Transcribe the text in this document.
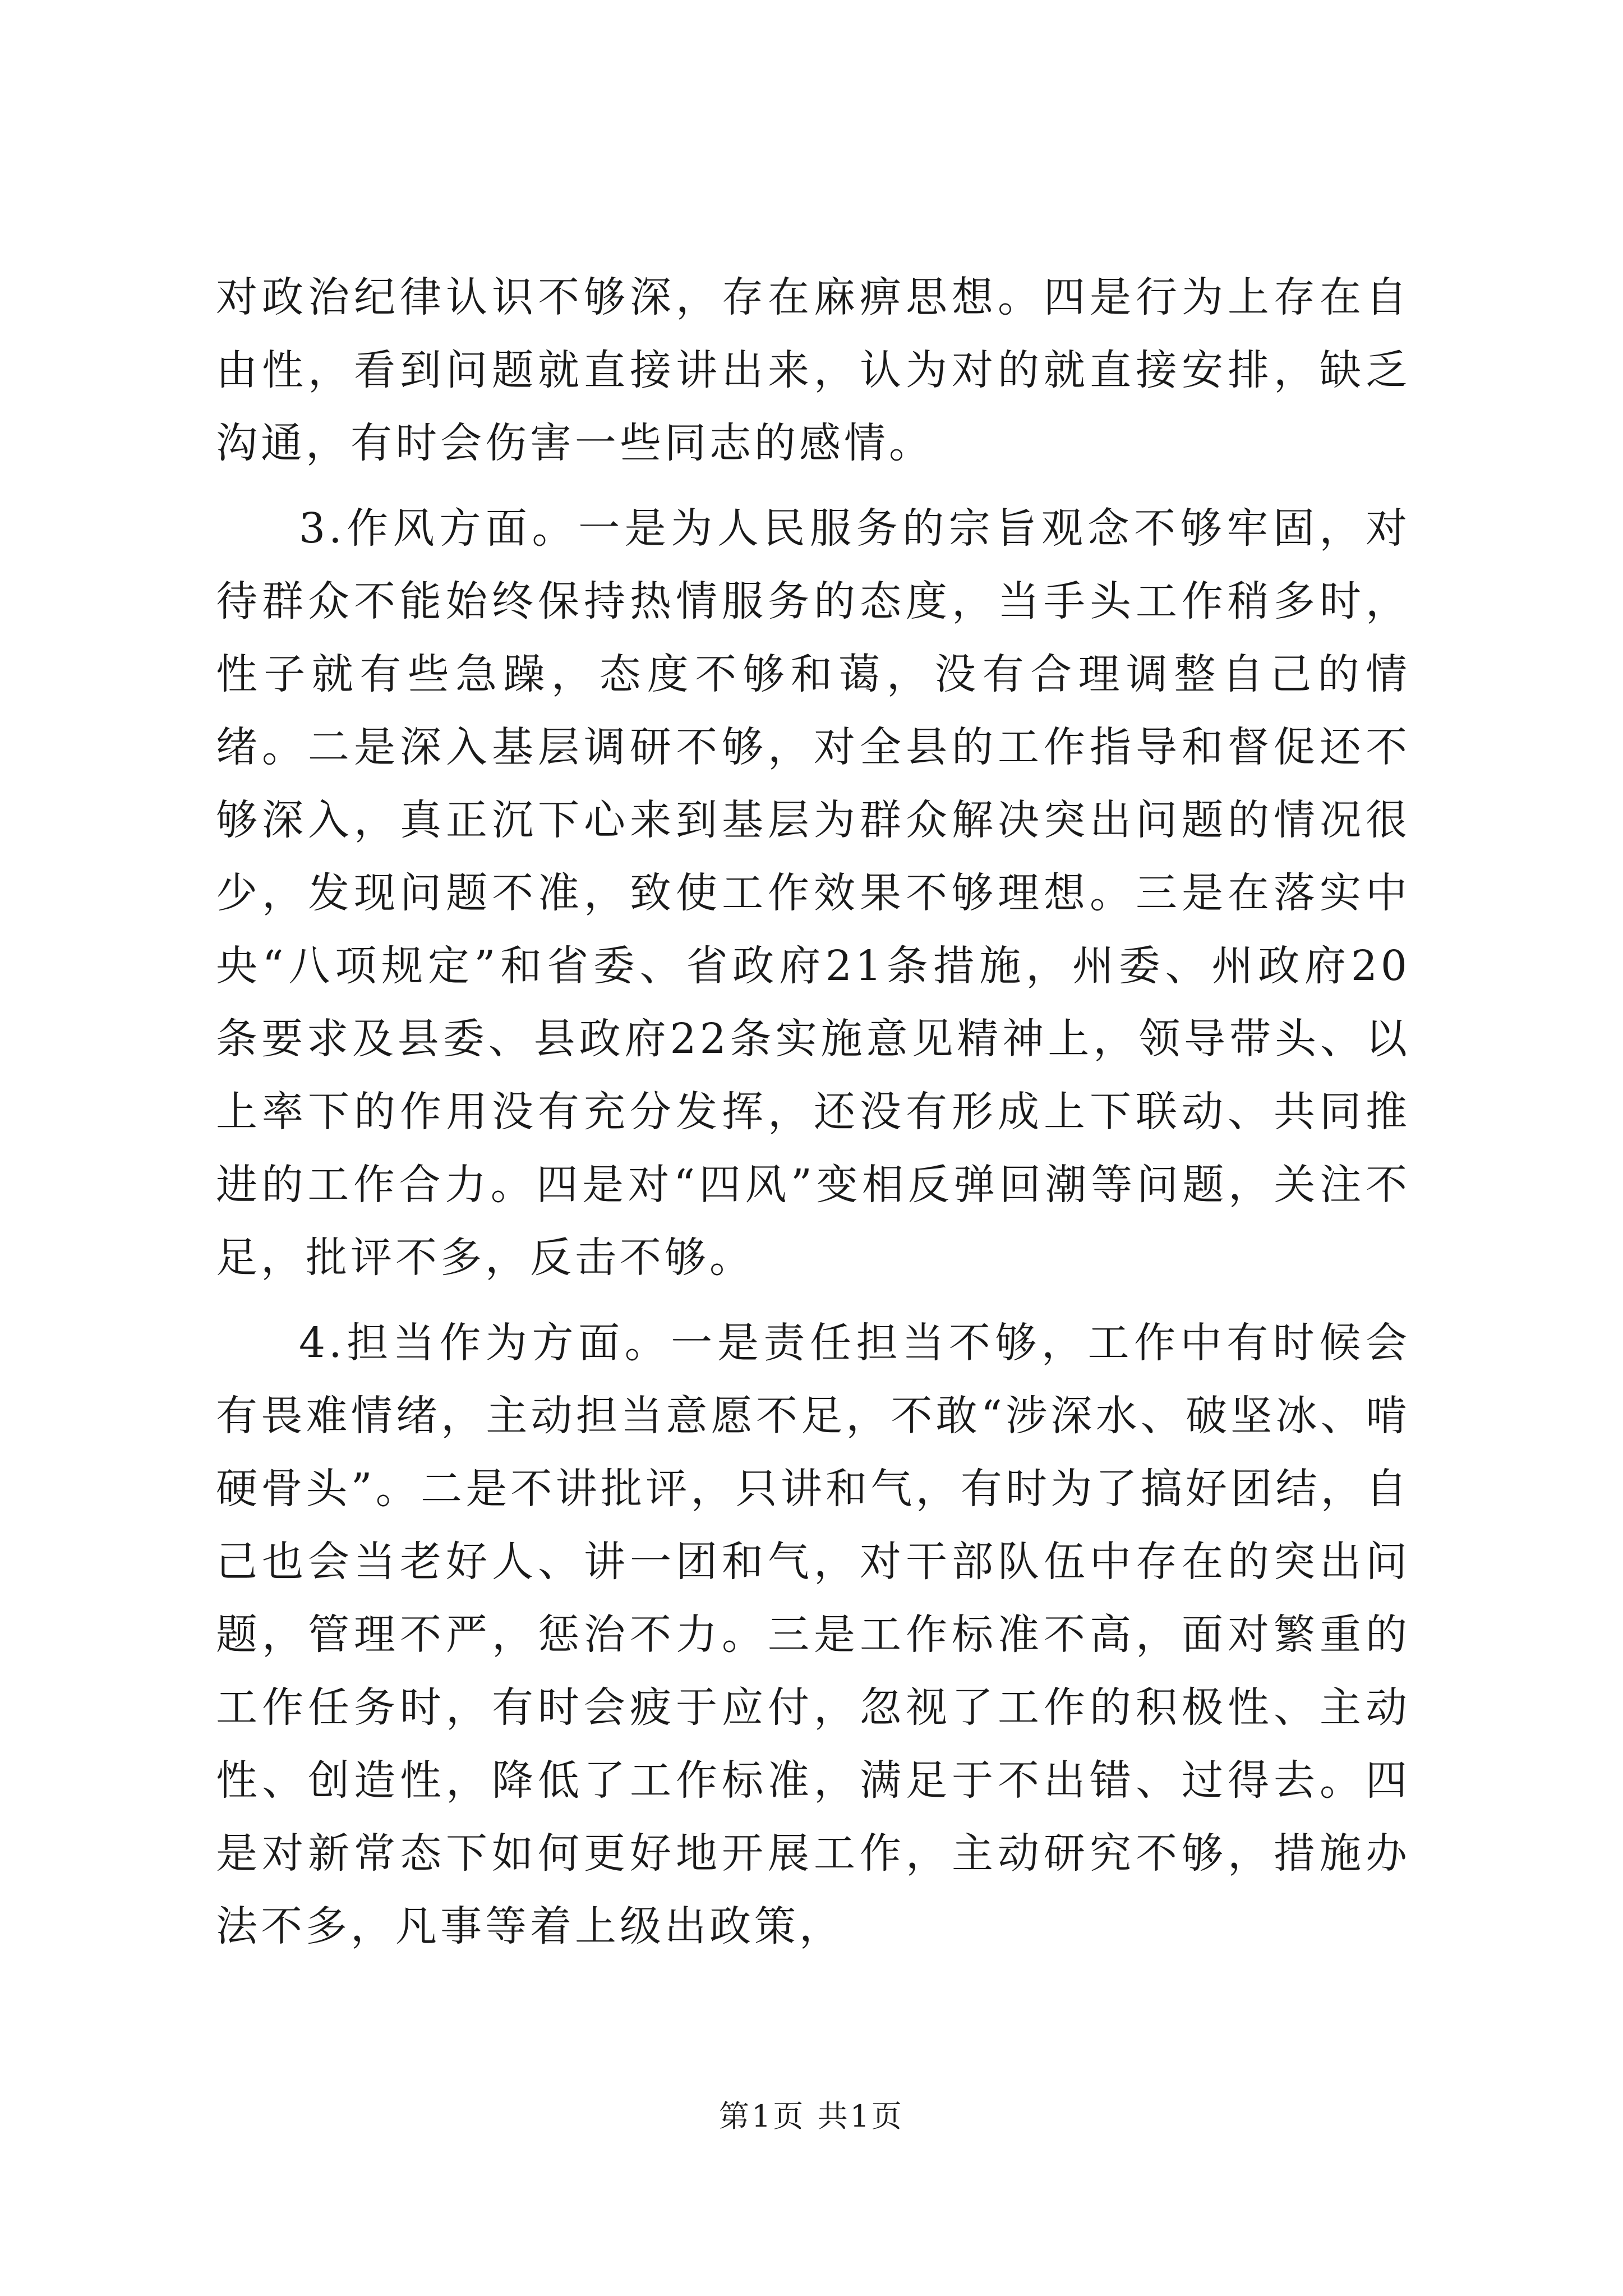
对政治纪律认识不够深，存在麻痹思想。四是行为上存在自由性，看到问题就直接讲出来，认为对的就直接安排，缺乏沟通，有时会伤害一些同志的感情。

3.作风方面。一是为人民服务的宗旨观念不够牢固，对待群众不能始终保持热情服务的态度，当手头工作稍多时，性子就有些急躁，态度不够和蔼，没有合理调整自己的情绪。二是深入基层调研不够，对全县的工作指导和督促还不够深入，真正沉下心来到基层为群众解决突出问题的情况很少，发现问题不准，致使工作效果不够理想。三是在落实中央“八项规定”和省委、省政府21条措施，州委、州政府20条要求及县委、县政府22条实施意见精神上，领导带头、以上率下的作用没有充分发挥，还没有形成上下联动、共同推进的工作合力。四是对“四风”变相反弹回潮等问题，关注不足，批评不多，反击不够。

4.担当作为方面。一是责任担当不够，工作中有时候会有畏难情绪，主动担当意愿不足，不敢“涉深水、破坚冰、啃硬骨头”。二是不讲批评，只讲和气，有时为了搞好团结，自己也会当老好人、讲一团和气，对干部队伍中存在的突出问题，管理不严，惩治不力。三是工作标准不高，面对繁重的工作任务时，有时会疲于应付，忽视了工作的积极性、主动性、创造性，降低了工作标准，满足于不出错、过得去。四是对新常态下如何更好地开展工作，主动研究不够，措施办法不多，凡事等着上级出政策，

第1页 共1页
